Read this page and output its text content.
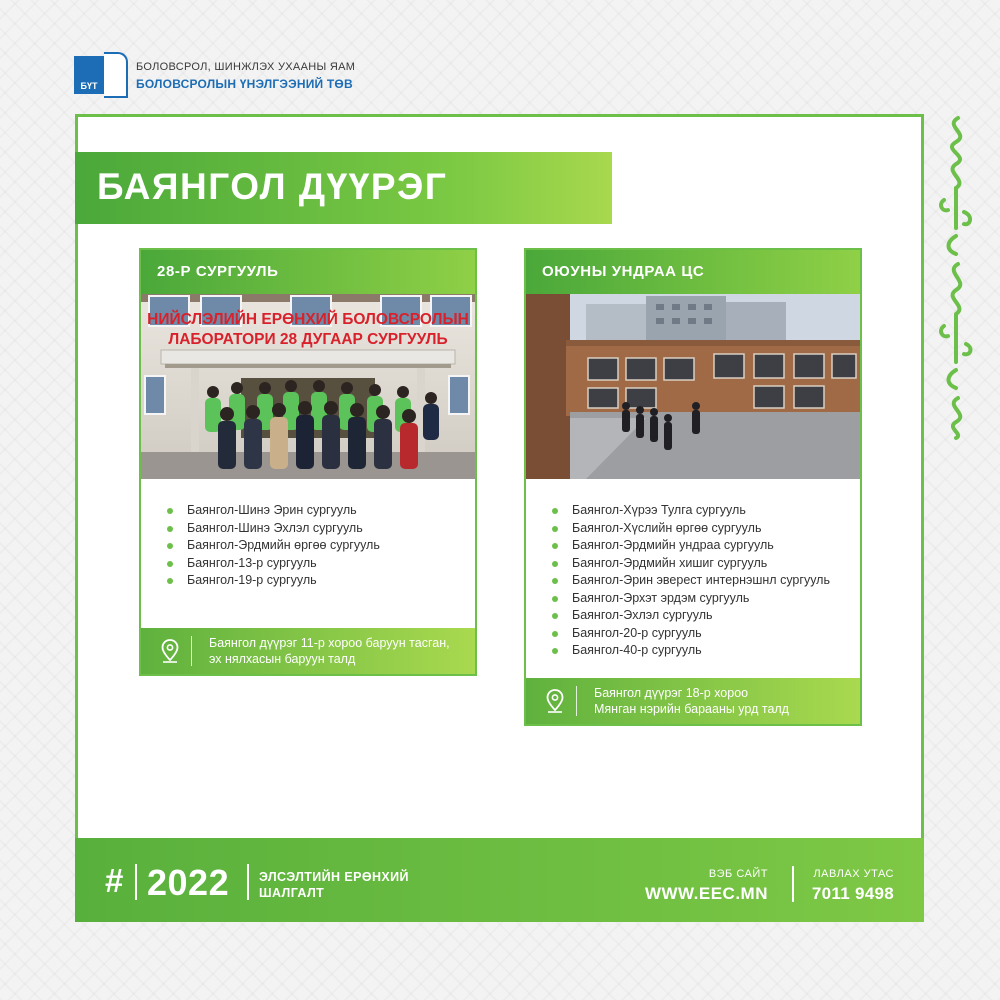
БҮТ
БОЛОВСРОЛ, ШИНЖЛЭХ УХААНЫ ЯАМ
БОЛОВСРОЛЫН ҮНЭЛГЭЭНИЙ ТӨВ
БАЯНГОЛ ДҮҮРЭГ
28-Р СУРГУУЛЬ
НИЙСЛЭЛИЙН ЕРӨНХИЙ БОЛОВСРОЛЫН
ЛАБОРАТОРИ 28 ДУГААР СУРГУУЛЬ
Баянгол-Шинэ Эрин сургууль
Баянгол-Шинэ Эхлэл сургууль
Баянгол-Эрдмийн өргөө сургууль
Баянгол-13-р сургууль
Баянгол-19-р сургууль
Баянгол дүүрэг 11-р хороо баруун тасган,
эх нялхасын баруун талд
ОЮУНЫ УНДРАА ЦС
Баянгол-Хүрээ Тулга сургууль
Баянгол-Хүслийн өргөө сургууль
Баянгол-Эрдмийн ундраа сургууль
Баянгол-Эрдмийн хишиг сургууль
Баянгол-Эрин эверест интернэшнл сургууль
Баянгол-Эрхэт эрдэм сургууль
Баянгол-Эхлэл сургууль
Баянгол-20-р сургууль
Баянгол-40-р сургууль
Баянгол дүүрэг 18-р хороо
Мянган нэрийн барааны урд талд
# 2022 ЭЛСЭЛТИЙН ЕРӨНХИЙ
ШАЛГАЛТ
ВЭБ САЙТ
WWW.EEC.MN
ЛАВЛАХ УТАС
7011 9498
